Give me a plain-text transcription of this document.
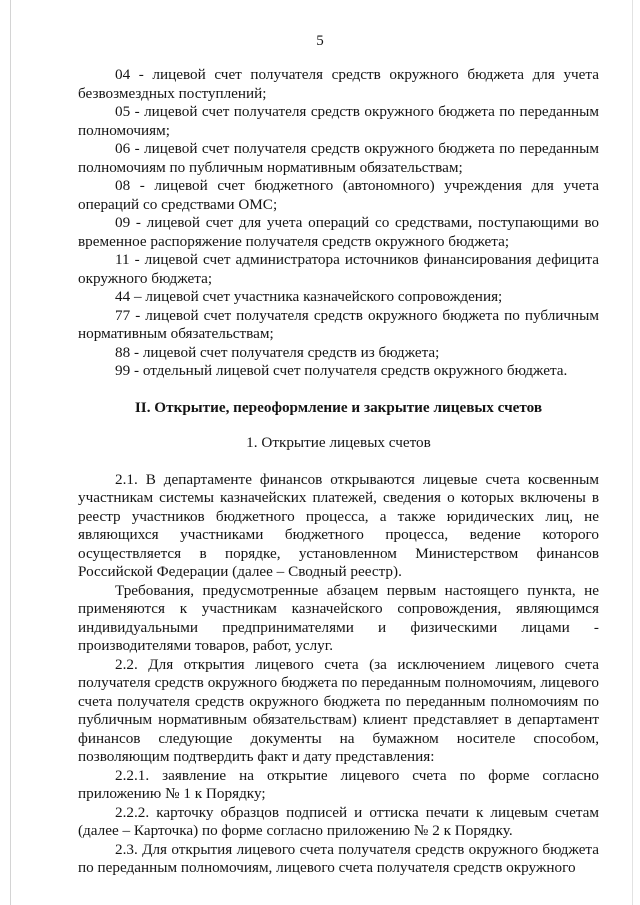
5

04 - лицевой счет получателя средств окружного бюджета для учета безвозмездных поступлений;

05 - лицевой счет получателя средств окружного бюджета по переданным полномочиям;

06 - лицевой счет получателя средств окружного бюджета по переданным полномочиям по публичным нормативным обязательствам;

08 - лицевой счет бюджетного (автономного) учреждения для учета операций со средствами ОМС;

09 - лицевой счет для учета операций со средствами, поступающими во временное распоряжение получателя средств окружного бюджета;

11 - лицевой счет администратора источников финансирования дефицита окружного бюджета;

44 – лицевой счет участника казначейского сопровождения;

77 - лицевой счет получателя средств окружного бюджета по публичным нормативным обязательствам;

88 - лицевой счет получателя средств из бюджета;

99 - отдельный лицевой счет получателя средств окружного бюджета.

II. Открытие, переоформление и закрытие лицевых счетов
1. Открытие лицевых счетов

2.1. В департаменте финансов открываются лицевые счета косвенным участникам системы казначейских платежей, сведения о которых включены в реестр участников бюджетного процесса, а также юридических лиц, не являющихся участниками бюджетного процесса, ведение которого осуществляется в порядке, установленном Министерством финансов Российской Федерации (далее – Сводный реестр).

Требования, предусмотренные абзацем первым настоящего пункта, не применяются к участникам казначейского сопровождения, являющимся индивидуальными предпринимателями и физическими лицами - производителями товаров, работ, услуг.

2.2. Для открытия лицевого счета (за исключением лицевого счета получателя средств окружного бюджета по переданным полномочиям, лицевого счета получателя средств окружного бюджета по переданным полномочиям по публичным нормативным обязательствам) клиент представляет в департамент финансов следующие документы на бумажном носителе способом, позволяющим подтвердить факт и дату представления:

2.2.1. заявление на открытие лицевого счета по форме согласно приложению № 1 к Порядку;

2.2.2. карточку образцов подписей и оттиска печати к лицевым счетам (далее – Карточка) по форме согласно приложению № 2 к Порядку.

2.3. Для открытия лицевого счета получателя средств окружного бюджета по переданным полномочиям, лицевого счета получателя средств окружного
